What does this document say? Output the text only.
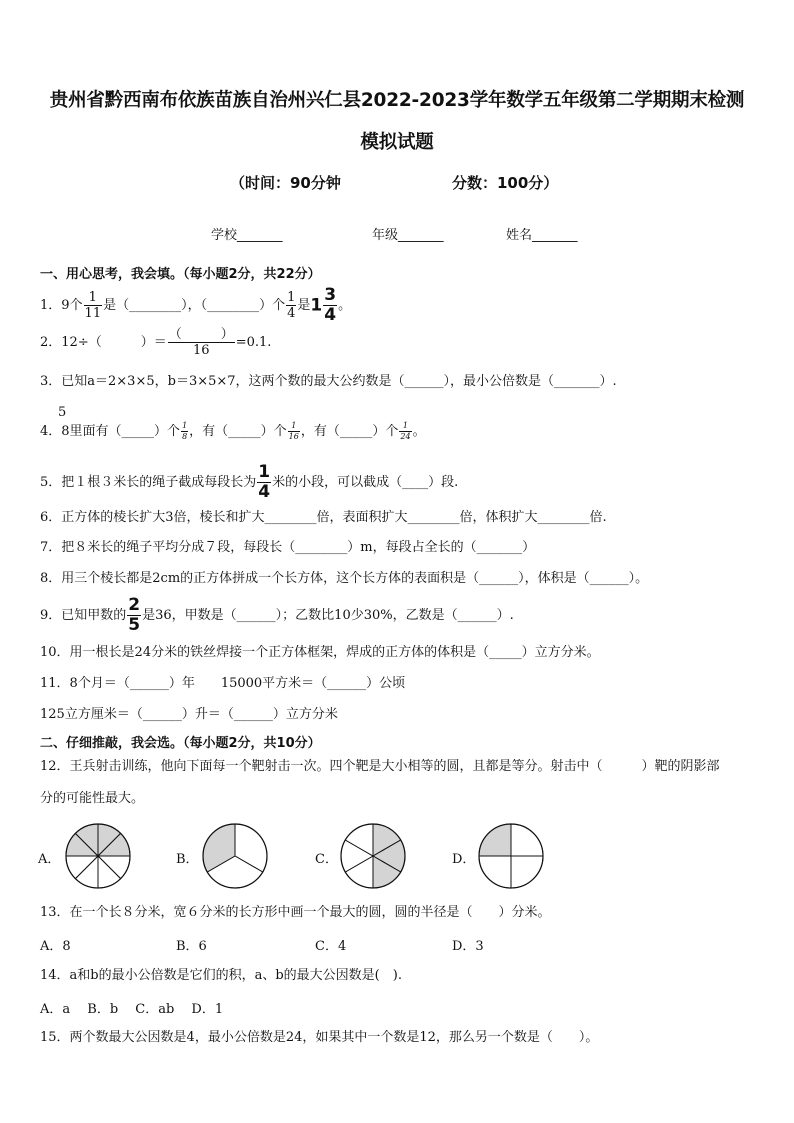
贵州省黔西南布依族苗族自治州兴仁县2022-2023学年数学五年级第二学期期末检测
模拟试题
（时间：90分钟	分数：100分）
学校_______	年级_______	姓名_______
一、用心思考，我会填。（每小题2分，共22分）
1．9个 $\frac{1}{11}$ 是（________），（________）个 $\frac{1}{4}$ 是$1 \frac{3}{4}$ 。
2．12÷（　　　）＝ $\frac{( )}{16} =0.1$.
3．已知a＝2×3×5，b＝3×5×7，这两个数的最大公约数是（______），最小公倍数是（_______）.
5
4．8里面有（_____）个 $\frac{1}{8}$ ，有（_____）个 $\frac{1}{16}$ ，有（_____）个 $\frac{1}{24}$ 。
5．把１根３米长的绳子截成每段长为 $\frac{1}{4}$ 米的小段，可以截成（____）段.
6．正方体的棱长扩大3倍，棱长和扩大________倍，表面积扩大________倍，体积扩大________倍.
7．把８米长的绳子平均分成７段，每段长（________）m，每段占全长的（_______）
8．用三个棱长都是2cm的正方体拼成一个长方体，这个长方体的表面积是（______），体积是（______）。
9．已知甲数的 $\frac{2}{5}$ 是36，甲数是（______）；乙数比10少30%，乙数是（______）.
10．用一根长是24分米的铁丝焊接一个正方体框架，焊成的正方体的体积是（_____）立方分米。
11．8个月＝（______）年　　15000平方米＝（______）公顷
125立方厘米＝（______）升＝（______）立方分米
二、仔细推敲，我会选。（每小题2分，共10分）
12．王兵射击训练，他向下面每一个靶射击一次。四个靶是大小相等的圆，且都是等分。射击中（　　　）靶的阴影部
分的可能性最大。
A．	B．	C．	D．
13．在一个长８分米，宽６分米的长方形中画一个最大的圆，圆的半径是（　　）分米。
A．8	B．6	C．4	D．3
14．a和b的最小公倍数是它们的积，a、b的最大公因数是(　).
A．a　 B．b　 C．ab　 D．1
15．两个数最大公因数是4，最小公倍数是24，如果其中一个数是12，那么另一个数是（　　）。
